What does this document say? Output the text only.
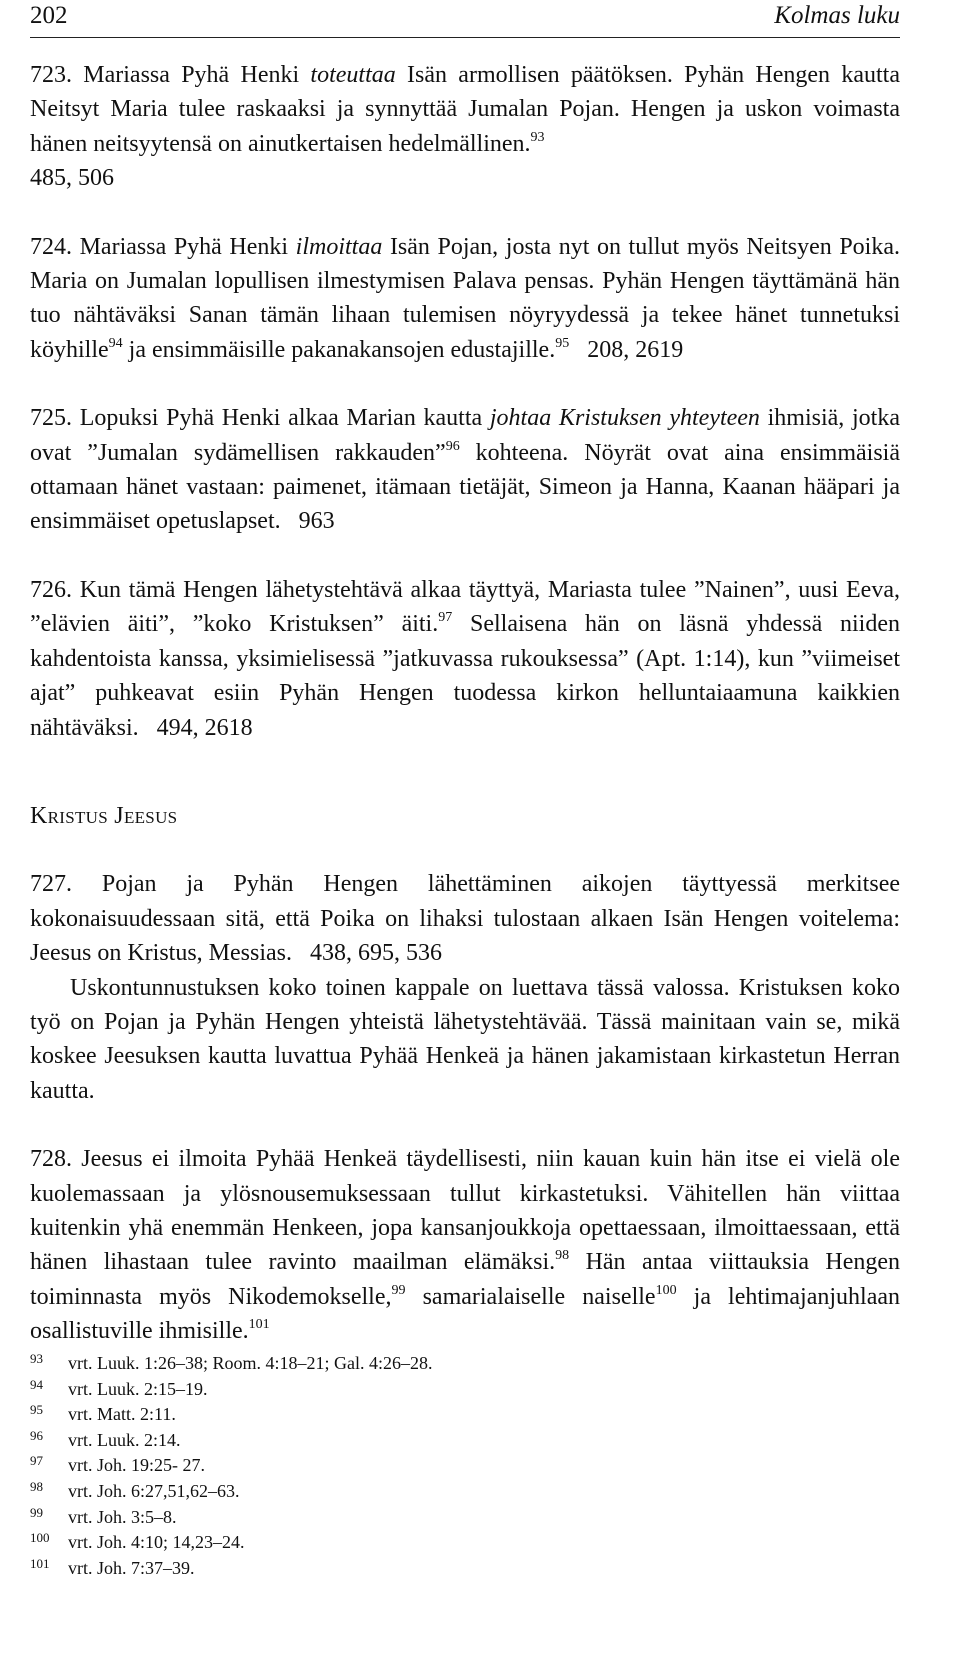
202	Kolmas luku

723. Mariassa Pyhä Henki toteuttaa Isän armollisen päätöksen. Pyhän Hengen kautta Neitsyt Maria tulee raskaaksi ja synnyttää Jumalan Pojan. Hengen ja uskon voimasta hänen neitsyytensä on ainutkertaisen hedelmällinen.$^{93}$
485, 506

724. Mariassa Pyhä Henki ilmoittaa Isän Pojan, josta nyt on tullut myös Neitsyen Poika. Maria on Jumalan lopullisen ilmestymisen Palava pensas. Pyhän Hengen täyttämänä hän tuo nähtäväksi Sanan tämän lihaan tulemisen nöyryydessä ja tekee hänet tunnetuksi köyhille$^{94}$ ja ensimmäisille pakanakansojen edustajille.$^{95}$ 208, 2619

725. Lopuksi Pyhä Henki alkaa Marian kautta johtaa Kristuksen yhteyteen ihmisiä, jotka ovat ”Jumalan sydämellisen rakkauden”$^{96}$ kohteena. Nöyrät ovat aina ensimmäisiä ottamaan hänet vastaan: paimenet, itämaan tietäjät, Simeon ja Hanna, Kaanan hääpari ja ensimmäiset opetuslapset. 963

726. Kun tämä Hengen lähetystehtävä alkaa täyttyä, Mariasta tulee ”Nainen”, uusi Eeva, ”elävien äiti”, ”koko Kristuksen” äiti.$^{97}$ Sellaisena hän on läsnä yhdessä niiden kahdentoista kanssa, yksimielisessä ”jatkuvassa rukouksessa” (Apt. 1:14), kun ”viimeiset ajat” puhkeavat esiin Pyhän Hengen tuodessa kirkon helluntaiaamuna kaikkien nähtäväksi. 494, 2618

Kristus Jeesus

727. Pojan ja Pyhän Hengen lähettäminen aikojen täyttyessä merkitsee kokonaisuudessaan sitä, että Poika on lihaksi tulostaan alkaen Isän Hengen voitelema: Jeesus on Kristus, Messias. 438, 695, 536

Uskontunnustuksen koko toinen kappale on luettava tässä valossa. Kristuksen koko työ on Pojan ja Pyhän Hengen yhteistä lähetystehtävää. Tässä mainitaan vain se, mikä koskee Jeesuksen kautta luvattua Pyhää Henkeä ja hänen jakamistaan kirkastetun Herran kautta.

728. Jeesus ei ilmoita Pyhää Henkeä täydellisesti, niin kauan kuin hän itse ei vielä ole kuolemassaan ja ylösnousemuksessaan tullut kirkastetuksi. Vähitellen hän viittaa kuitenkin yhä enemmän Henkeen, jopa kansanjoukkoja opettaessaan, ilmoittaessaan, että hänen lihastaan tulee ravinto maailman elämäksi.$^{98}$ Hän antaa viittauksia Hengen toiminnasta myös Nikodemokselle,$^{99}$ samarialaiselle naiselle$^{100}$ ja lehtimajanjuhlaan osallistuville ihmisille.$^{101}$

93 vrt. Luuk. 1:26–38; Room. 4:18–21; Gal. 4:26–28.
94 vrt. Luuk. 2:15–19.
95 vrt. Matt. 2:11.
96 vrt. Luuk. 2:14.
97 vrt. Joh. 19:25- 27.
98 vrt. Joh. 6:27,51,62–63.
99 vrt. Joh. 3:5–8.
100 vrt. Joh. 4:10; 14,23–24.
101 vrt. Joh. 7:37–39.
